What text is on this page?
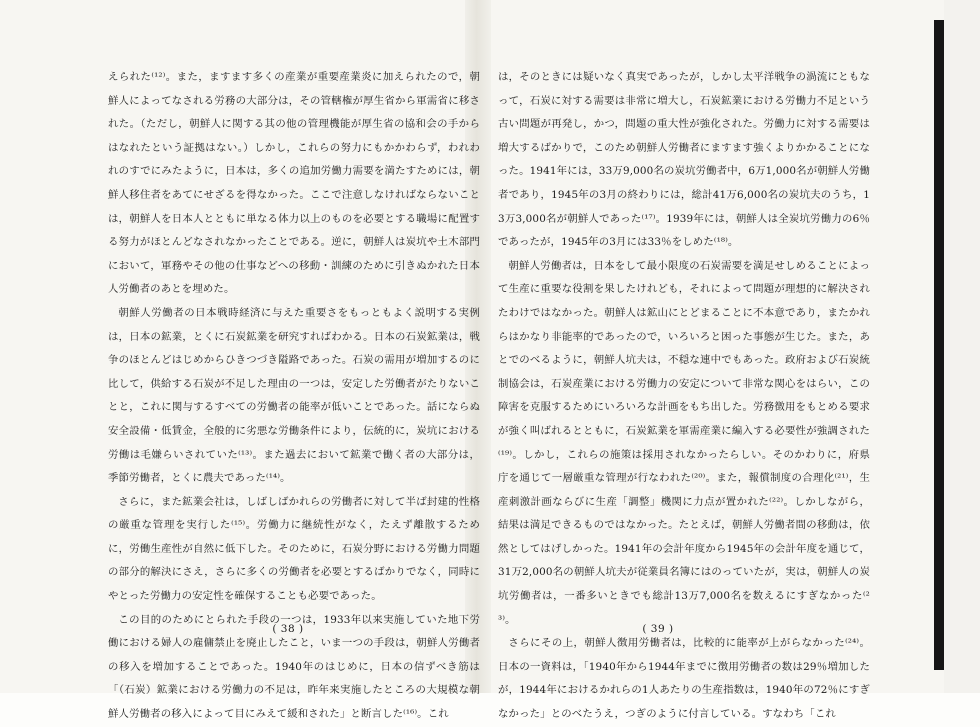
えられた⁽¹²⁾。また，ますます多くの産業が重要産業炎に加えられたので，朝鮮人によってなされる労務の大部分は，その管轄権が厚生省から軍需省に移された。（ただし，朝鮮人に関する其の他の管理機能が厚生省の協和会の手からはなれたという証拠はない。）しかし，これらの努力にもかかわらず，われわれのすでにみたように，日本は，多くの追加労働力需要を満たすためには，朝鮮人移住者をあてにせざるを得なかった。ここで注意しなければならないことは，朝鮮人を日本人とともに単なる体力以上のものを必要とする職場に配置する努力がほとんどなされなかったことである。逆に，朝鮮人は炭坑や土木部門において，軍務やその他の仕事などへの移動・訓練のために引きぬかれた日本人労働者のあとを埋めた。

朝鮮人労働者の日本戦時経済に与えた重要さをもっともよく説明する実例は，日本の鉱業，とくに石炭鉱業を研究すればわかる。日本の石炭鉱業は，戦争のほとんどはじめからひきつづき隘路であった。石炭の需用が増加するのに比して，供給する石炭が不足した理由の一つは，安定した労働者がたりないことと，これに関与するすべての労働者の能率が低いことであった。話にならぬ安全設備・低賃金，全般的に劣悪な労働条件により，伝統的に，炭坑における労働は毛嫌らいされていた⁽¹³⁾。また過去において鉱業で働く者の大部分は，季節労働者，とくに農夫であった⁽¹⁴⁾。

さらに，また鉱業会社は，しばしばかれらの労働者に対して半ば封建的性格の厳重な管理を実行した⁽¹⁵⁾。労働力に継続性がなく，たえず離散するために，労働生産性が自然に低下した。そのために，石炭分野における労働力問題の部分的解決にさえ，さらに多くの労働者を必要とするばかりでなく，同時にやとった労働力の安定性を確保することも必要であった。

この目的のためにとられた手段の一つは，1933年以来実施していた地下労働における婦人の雇傭禁止を廃止したこと，いま一つの手段は，朝鮮人労働者の移入を増加することであった。1940年のはじめに，日本の信ずべき筋は「（石炭）鉱業における労働力の不足は，昨年来実施したところの大規模な朝鮮人労働者の移入によって目にみえて緩和された」と断言した⁽¹⁶⁾。これ

( 38 )

は，そのときには疑いなく真実であったが，しかし太平洋戦争の渦流にともなって，石炭に対する需要は非常に増大し，石炭鉱業における労働力不足という古い問題が再発し，かつ，問題の重大性が強化された。労働力に対する需要は増大するばかりで，このため朝鮮人労働者にますます強くよりかかることになった。1941年には，33万9,000名の炭坑労働者中，6万1,000名が朝鮮人労働者であり，1945年の3月の終わりには，総計41万6,000名の炭坑夫のうち，13万3,000名が朝鮮人であった⁽¹⁷⁾。1939年には，朝鮮人は全炭坑労働力の6％であったが，1945年の3月には33％をしめた⁽¹⁸⁾。

朝鮮人労働者は，日本をして最小限度の石炭需要を満足せしめることによって生産に重要な役割を果したけれども，それによって問題が理想的に解決されたわけではなかった。朝鮮人は鉱山にとどまることに不本意であり，またかれらはかなり非能率的であったので，いろいろと困った事態が生じた。また，あとでのべるように，朝鮮人坑夫は，不穏な連中でもあった。政府および石炭統制協会は，石炭産業における労働力の安定について非常な関心をはらい，この障害を克服するためにいろいろな計画をもち出した。労務徴用をもとめる要求が強く叫ばれるとともに，石炭鉱業を軍需産業に編入する必要性が強調された⁽¹⁹⁾。しかし，これらの施策は採用されなかったらしい。そのかわりに，府県庁を通じて一層厳重な管理が行なわれた⁽²⁰⁾。また，報償制度の合理化⁽²¹⁾，生産刺激計画ならびに生産「調整」機関に力点が置かれた⁽²²⁾。しかしながら，結果は満足できるものではなかった。たとえば，朝鮮人労働者間の移動は，依然としてはげしかった。1941年の会計年度から1945年の会計年度を通じて，31万2,000名の朝鮮人坑夫が従業員名簿にはのっていたが，実は，朝鮮人の炭坑労働者は，一番多いときでも総計13万7,000名を数えるにすぎなかった⁽²³⁾。

さらにその上，朝鮮人徴用労働者は，比較的に能率が上がらなかった⁽²⁴⁾。日本の一資料は，「1940年から1944年までに徴用労働者の数は29％増加したが，1944年におけるかれらの1人あたりの生産指数は，1940年の72％にすぎなかった」とのべたうえ，つぎのように付言している。すなわち「これ

( 39 )
